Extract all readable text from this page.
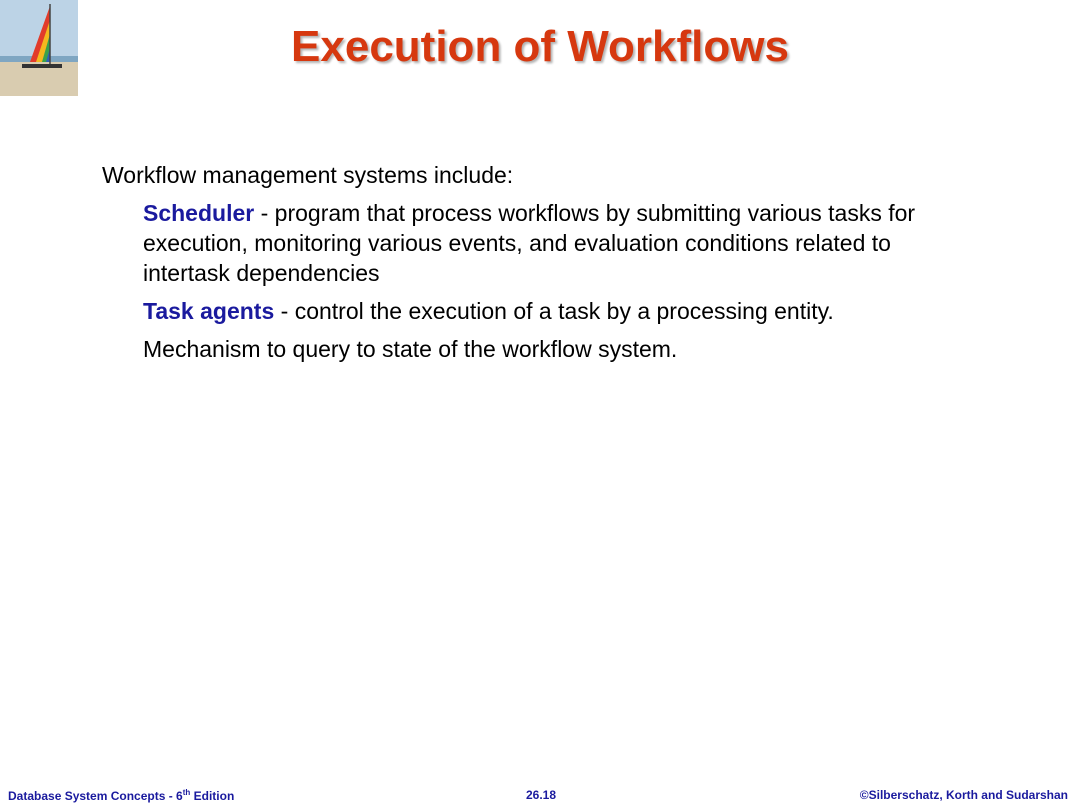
Execution of Workflows
Workflow management systems include:
Scheduler - program that process workflows by submitting various tasks for execution, monitoring various events, and evaluation conditions related to intertask dependencies
Task agents - control the execution of a task by a processing entity.
Mechanism to query to state of the workflow system.
Database System Concepts - 6th Edition	26.18	©Silberschatz, Korth and Sudarshan
